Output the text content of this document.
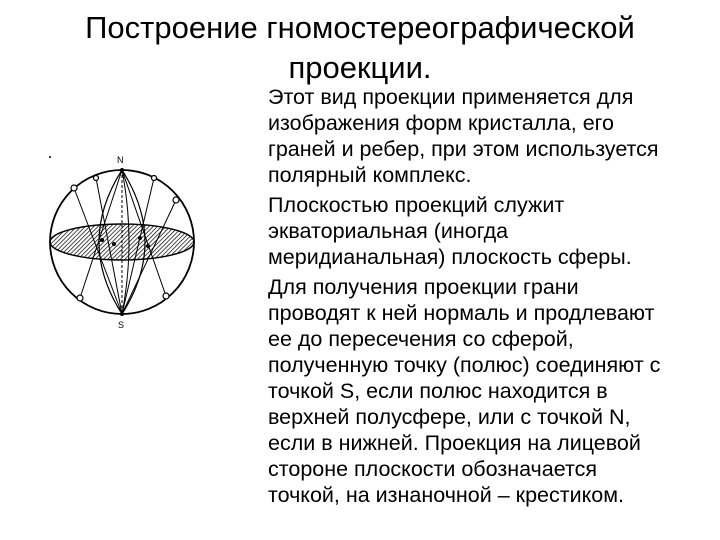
Построение гномостереографической
проекции.
N
S
Этот вид проекции применяется для
изображения форм кристалла, его
граней и ребер, при этом используется
полярный комплекс.
Плоскостью проекций служит
экваториальная (иногда
меридианальная) плоскость сферы.
Для получения проекции грани
проводят к ней нормаль и продлевают
ее до пересечения со сферой,
полученную точку (полюс) соединяют с
точкой S, если полюс находится в
верхней полусфере, или с точкой N,
если в нижней. Проекция на лицевой
стороне плоскости обозначается
точкой, на изнаночной – крестиком.
